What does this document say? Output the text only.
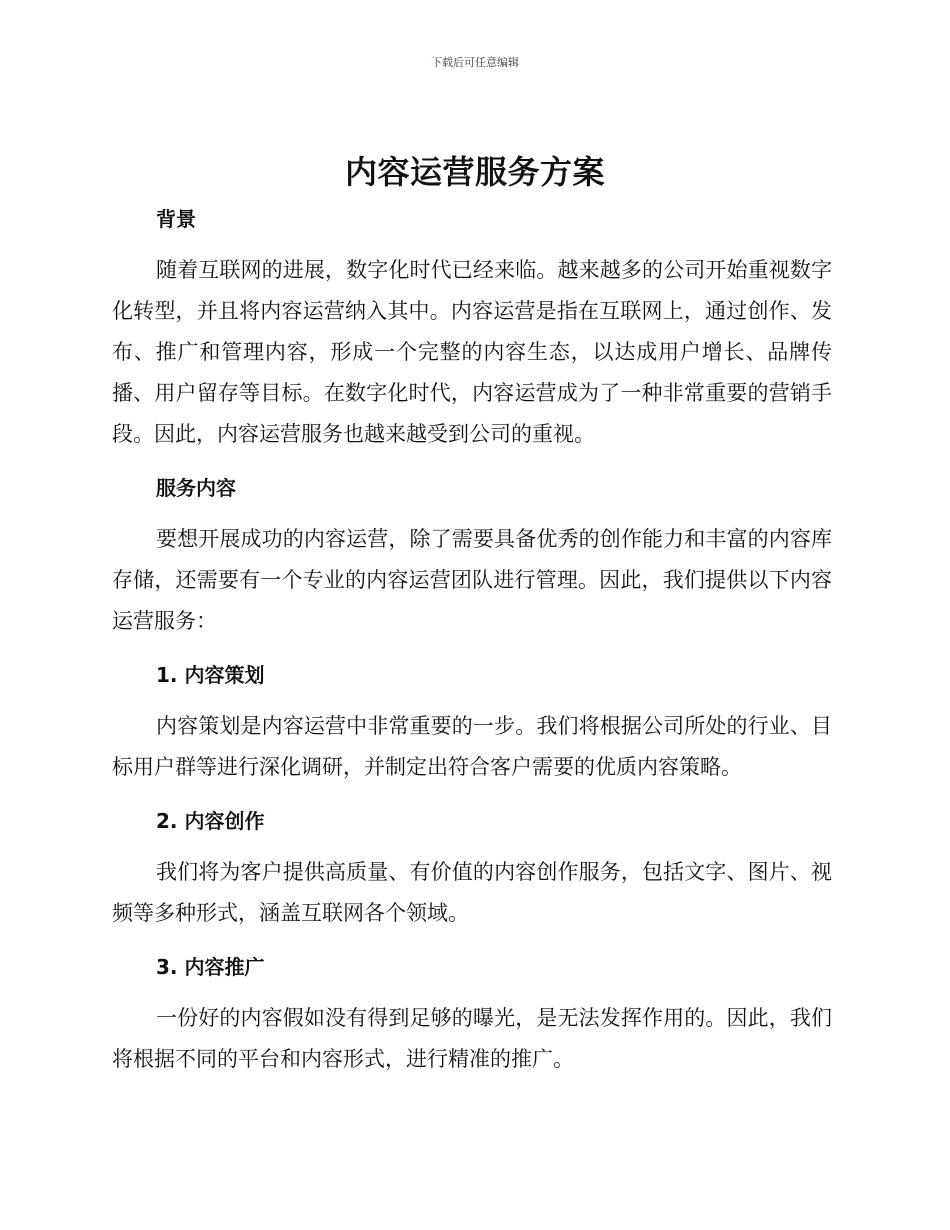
下载后可任意编辑
内容运营服务方案
背景

随着互联网的进展，数字化时代已经来临。越来越多的公司开始重视数字化转型，并且将内容运营纳入其中。内容运营是指在互联网上，通过创作、发布、推广和管理内容，形成一个完整的内容生态，以达成用户增长、品牌传播、用户留存等目标。在数字化时代，内容运营成为了一种非常重要的营销手段。因此，内容运营服务也越来越受到公司的重视。

服务内容

要想开展成功的内容运营，除了需要具备优秀的创作能力和丰富的内容库存储，还需要有一个专业的内容运营团队进行管理。因此，我们提供以下内容运营服务：

1. 内容策划

内容策划是内容运营中非常重要的一步。我们将根据公司所处的行业、目标用户群等进行深化调研，并制定出符合客户需要的优质内容策略。

2. 内容创作

我们将为客户提供高质量、有价值的内容创作服务，包括文字、图片、视频等多种形式，涵盖互联网各个领域。

3. 内容推广

一份好的内容假如没有得到足够的曝光，是无法发挥作用的。因此，我们将根据不同的平台和内容形式，进行精准的推广。
